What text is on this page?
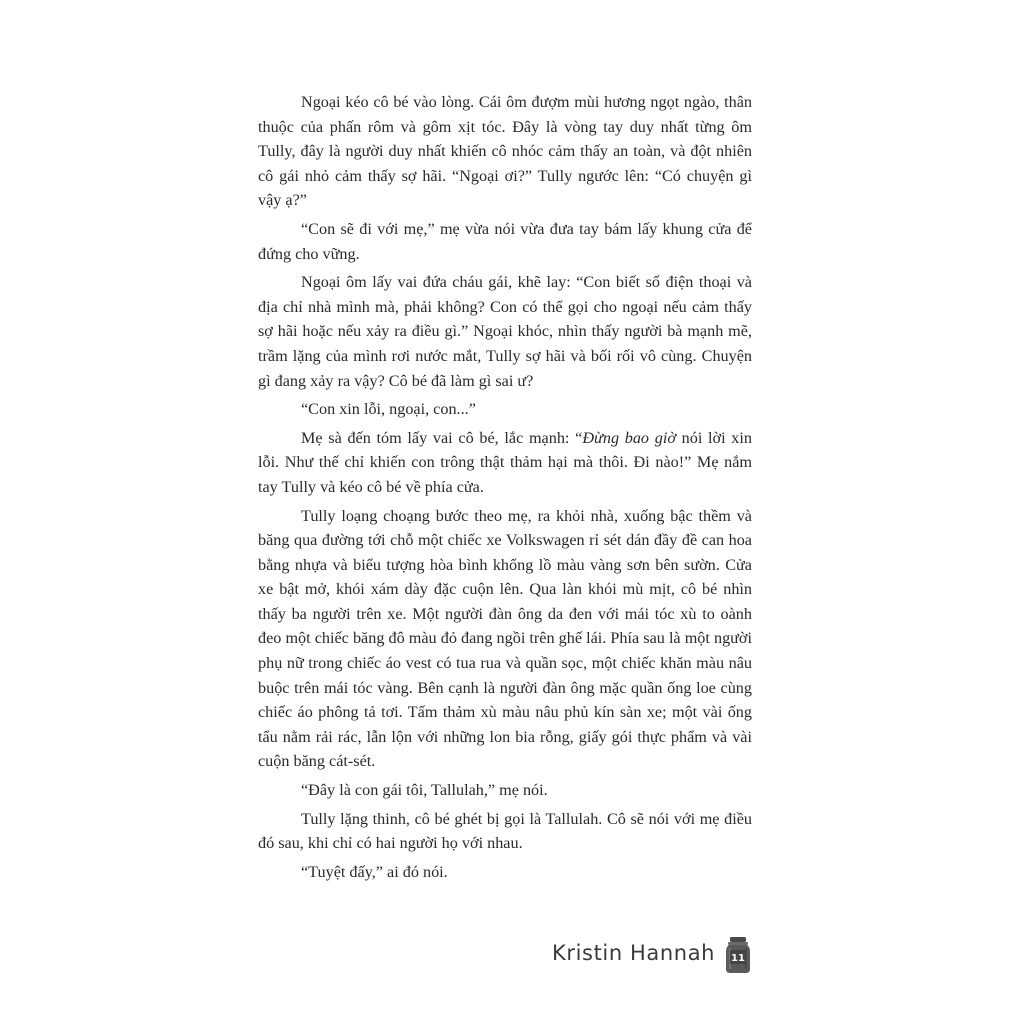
Ngoại kéo cô bé vào lòng. Cái ôm đượm mùi hương ngọt ngào, thân thuộc của phấn rôm và gôm xịt tóc. Đây là vòng tay duy nhất từng ôm Tully, đây là người duy nhất khiến cô nhóc cảm thấy an toàn, và đột nhiên cô gái nhỏ cảm thấy sợ hãi. “Ngoại ơi?” Tully ngước lên: “Có chuyện gì vậy ạ?”

“Con sẽ đi với mẹ,” mẹ vừa nói vừa đưa tay bám lấy khung cửa để đứng cho vững.

Ngoại ôm lấy vai đứa cháu gái, khẽ lay: “Con biết số điện thoại và địa chỉ nhà mình mà, phải không? Con có thể gọi cho ngoại nếu cảm thấy sợ hãi hoặc nếu xảy ra điều gì.” Ngoại khóc, nhìn thấy người bà mạnh mẽ, trầm lặng của mình rơi nước mắt, Tully sợ hãi và bối rối vô cùng. Chuyện gì đang xảy ra vậy? Cô bé đã làm gì sai ư?

“Con xin lỗi, ngoại, con...”

Mẹ sà đến tóm lấy vai cô bé, lắc mạnh: “Đừng bao giờ nói lời xin lỗi. Như thế chỉ khiến con trông thật thảm hại mà thôi. Đi nào!” Mẹ nắm tay Tully và kéo cô bé về phía cửa.

Tully loạng choạng bước theo mẹ, ra khỏi nhà, xuống bậc thềm và băng qua đường tới chỗ một chiếc xe Volkswagen rỉ sét dán đầy đề can hoa bằng nhựa và biểu tượng hòa bình khổng lồ màu vàng sơn bên sườn. Cửa xe bật mở, khói xám dày đặc cuộn lên. Qua làn khói mù mịt, cô bé nhìn thấy ba người trên xe. Một người đàn ông da đen với mái tóc xù to oành đeo một chiếc băng đô màu đỏ đang ngồi trên ghế lái. Phía sau là một người phụ nữ trong chiếc áo vest có tua rua và quần sọc, một chiếc khăn màu nâu buộc trên mái tóc vàng. Bên cạnh là người đàn ông mặc quần ống loe cùng chiếc áo phông tả tơi. Tấm thảm xù màu nâu phủ kín sàn xe; một vài ống tẩu nằm rải rác, lẫn lộn với những lon bia rỗng, giấy gói thực phẩm và vài cuộn băng cát-sét.

“Đây là con gái tôi, Tallulah,” mẹ nói.

Tully lặng thinh, cô bé ghét bị gọi là Tallulah. Cô sẽ nói với mẹ điều đó sau, khi chỉ có hai người họ với nhau.

“Tuyệt đấy,” ai đó nói.

Kristin Hannah 11
